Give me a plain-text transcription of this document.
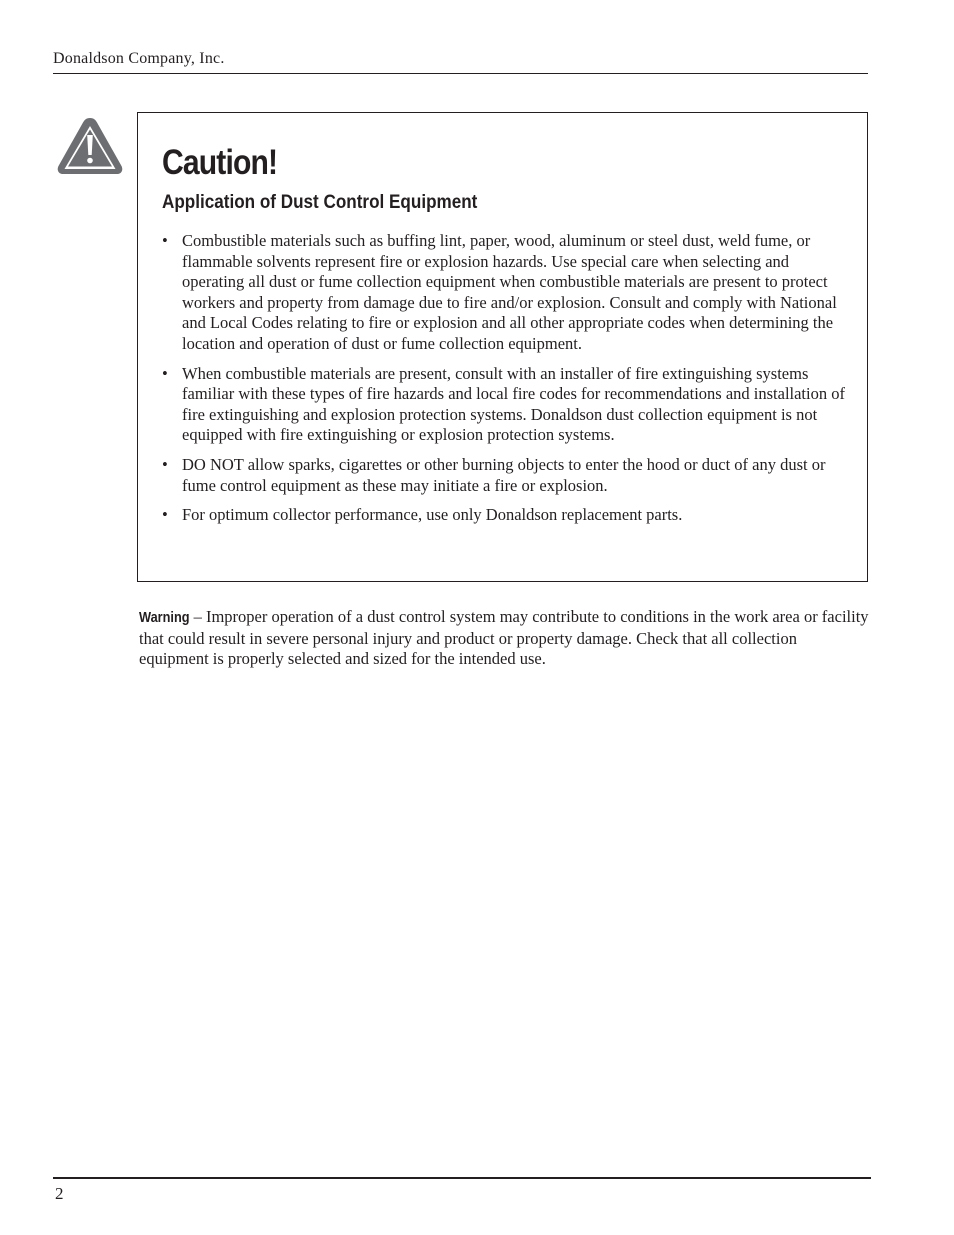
Donaldson Company, Inc.
Caution!
Application of Dust Control Equipment
• Combustible materials such as buffing lint, paper, wood, aluminum or steel dust, weld fume, or flammable solvents represent fire or explosion hazards. Use special care when selecting and operating all dust or fume collection equipment when combustible materials are present to protect workers and property from damage due to fire and/or explosion. Consult and comply with National and Local Codes relating to fire or explosion and all other appropriate codes when determining the location and operation of dust or fume collection equipment.
• When combustible materials are present, consult with an installer of fire extinguishing systems familiar with these types of fire hazards and local fire codes for recommendations and installation of fire extinguishing and explosion protection systems. Donaldson dust collection equipment is not equipped with fire extinguishing or explosion protection systems.
• DO NOT allow sparks, cigarettes or other burning objects to enter the hood or duct of any dust or fume control equipment as these may initiate a fire or explosion.
• For optimum collector performance, use only Donaldson replacement parts.

Warning – Improper operation of a dust control system may contribute to conditions in the work area or facility that could result in severe personal injury and product or property damage. Check that all collection equipment is properly selected and sized for the intended use.

2
